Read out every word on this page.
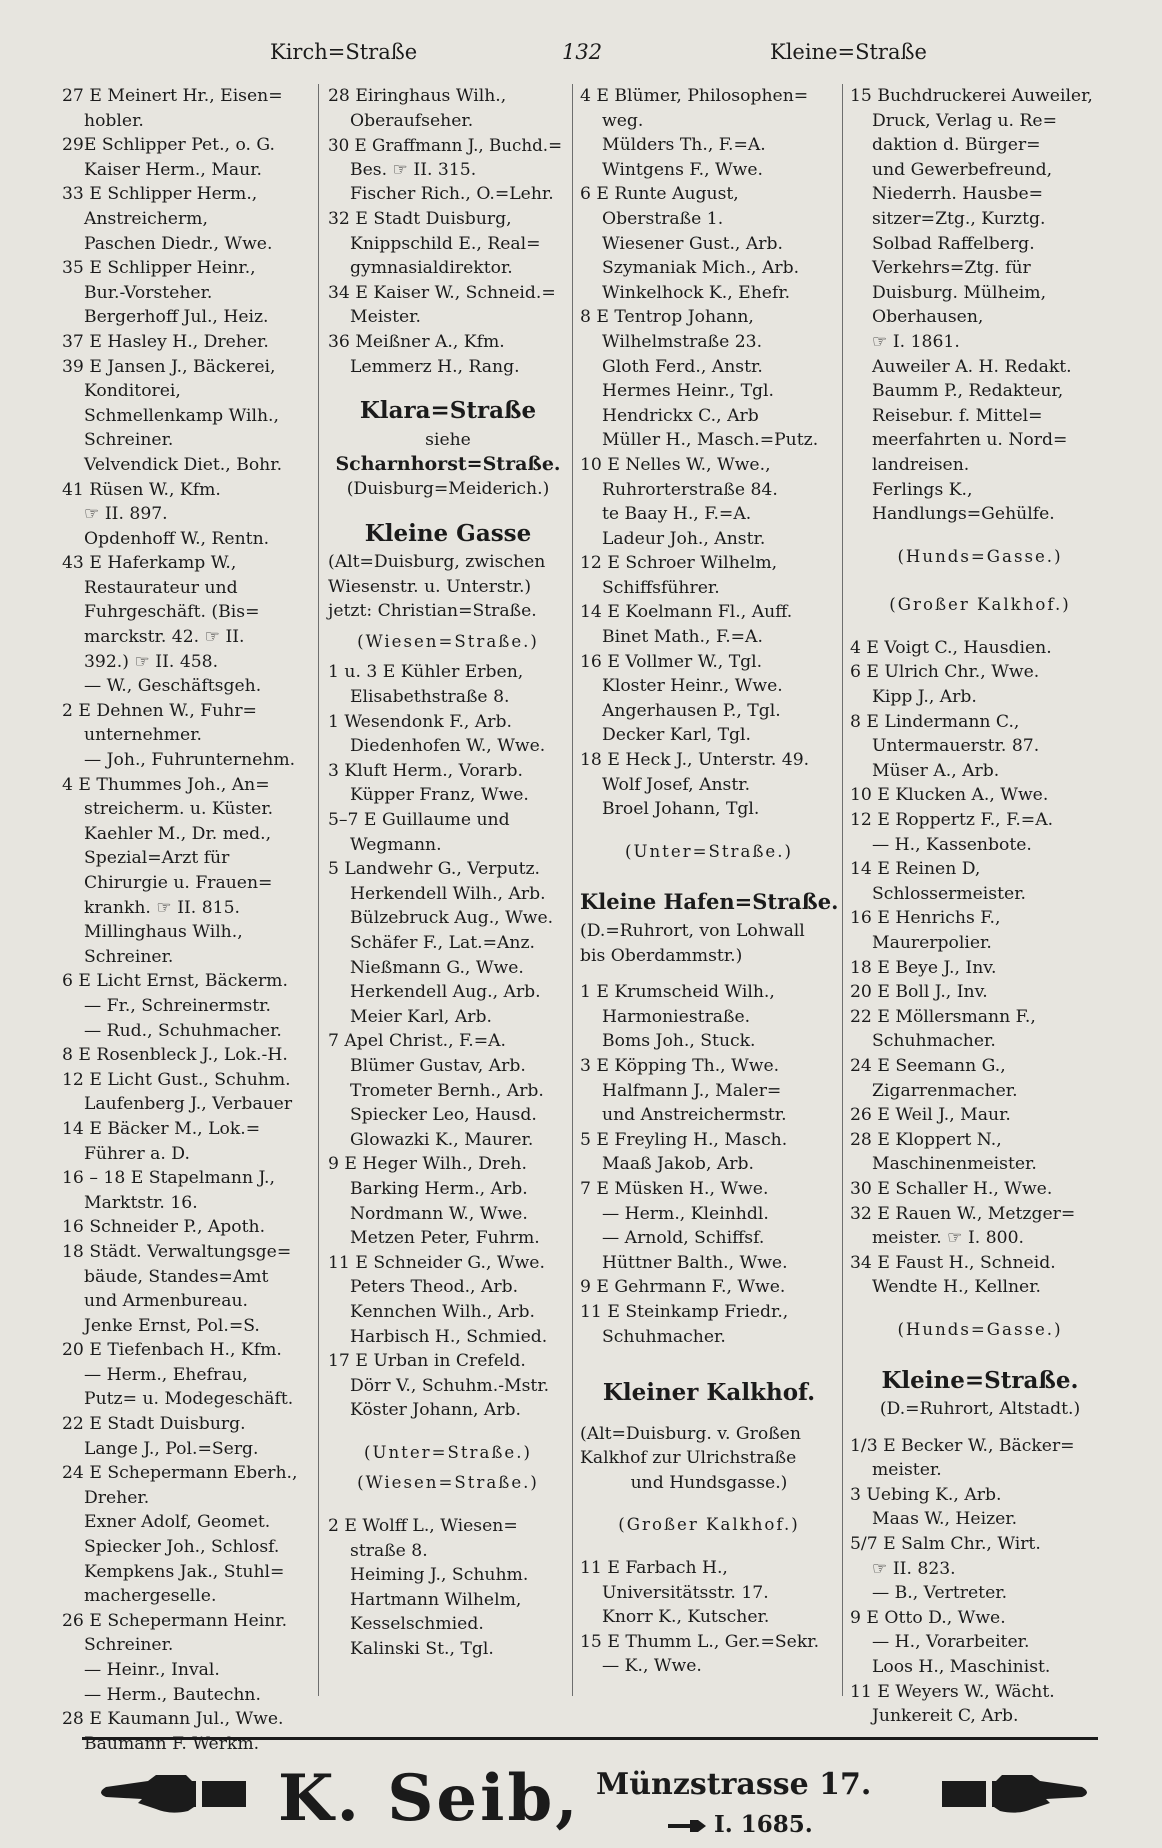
Kirch=Straße	132	Kleine=Straße
27 E Meinert Hr., Eisen=
hobler.
29E Schlipper Pet., o. G.
Kaiser Herm., Maur.
33 E Schlipper Herm.,
Anstreicherm,
Paschen Diedr., Wwe.
35 E Schlipper Heinr.,
Bur.-Vorsteher.
Bergerhoff Jul., Heiz.
37 E Hasley H., Dreher.
39 E Jansen J., Bäckerei,
Konditorei,
Schmellenkamp Wilh.,
Schreiner.
Velvendick Diet., Bohr.
41 Rüsen W., Kfm.
☞ II. 897.
Opdenhoff W., Rentn.
43 E Haferkamp W.,
Restaurateur und
Fuhrgeschäft. (Bis=
marckstr. 42. ☞ II.
392.) ☞ II. 458.
— W., Geschäftsgeh.
2 E Dehnen W., Fuhr=
unternehmer.
— Joh., Fuhrunternehm.
4 E Thummes Joh., An=
streicherm. u. Küster.
Kaehler M., Dr. med.,
Spezial=Arzt für
Chirurgie u. Frauen=
krankh. ☞ II. 815.
Millinghaus Wilh.,
Schreiner.
6 E Licht Ernst, Bäckerm.
— Fr., Schreinermstr.
— Rud., Schuhmacher.
8 E Rosenbleck J., Lok.-H.
12 E Licht Gust., Schuhm.
Laufenberg J., Verbauer
14 E Bäcker M., Lok.=
Führer a. D.
16 – 18 E Stapelmann J.,
Marktstr. 16.
16 Schneider P., Apoth.
18 Städt. Verwaltungsge=
bäude, Standes=Amt
und Armenbureau.
Jenke Ernst, Pol.=S.
20 E Tiefenbach H., Kfm.
— Herm., Ehefrau,
Putz= u. Modegeschäft.
22 E Stadt Duisburg.
Lange J., Pol.=Serg.
24 E Schepermann Eberh.,
Dreher.
Exner Adolf, Geomet.
Spiecker Joh., Schlosf.
Kempkens Jak., Stuhl=
machergeselle.
26 E Schepermann Heinr.
Schreiner.
— Heinr., Inval.
— Herm., Bautechn.
28 E Kaumann Jul., Wwe.
Baumann F. Werkm.
28 Eiringhaus Wilh.,
Oberaufseher.
30 E Graffmann J., Buchd.=
Bes. ☞ II. 315.
Fischer Rich., O.=Lehr.
32 E Stadt Duisburg,
Knippschild E., Real=
gymnasialdirektor.
34 E Kaiser W., Schneid.=
Meister.
36 Meißner A., Kfm.
Lemmerz H., Rang.
Klara=Straße
siehe
Scharnhorst=Straße.
(Duisburg=Meiderich.)
Kleine Gasse
(Alt=Duisburg, zwischen
Wiesenstr. u. Unterstr.)
jetzt: Christian=Straße.
(Wiesen=Straße.)
1 u. 3 E Kühler Erben,
Elisabethstraße 8.
1 Wesendonk F., Arb.
Diedenhofen W., Wwe.
3 Kluft Herm., Vorarb.
Küpper Franz, Wwe.
5–7 E Guillaume und
Wegmann.
5 Landwehr G., Verputz.
Herkendell Wilh., Arb.
Bülzebruck Aug., Wwe.
Schäfer F., Lat.=Anz.
Nießmann G., Wwe.
Herkendell Aug., Arb.
Meier Karl, Arb.
7 Apel Christ., F.=A.
Blümer Gustav, Arb.
Trometer Bernh., Arb.
Spiecker Leo, Hausd.
Glowazki K., Maurer.
9 E Heger Wilh., Dreh.
Barking Herm., Arb.
Nordmann W., Wwe.
Metzen Peter, Fuhrm.
11 E Schneider G., Wwe.
Peters Theod., Arb.
Kennchen Wilh., Arb.
Harbisch H., Schmied.
17 E Urban in Crefeld.
Dörr V., Schuhm.-Mstr.
Köster Johann, Arb.
(Unter=Straße.)
(Wiesen=Straße.)
2 E Wolff L., Wiesen=
straße 8.
Heiming J., Schuhm.
Hartmann Wilhelm,
Kesselschmied.
Kalinski St., Tgl.
4 E Blümer, Philosophen=
weg.
Mülders Th., F.=A.
Wintgens F., Wwe.
6 E Runte August,
Oberstraße 1.
Wiesener Gust., Arb.
Szymaniak Mich., Arb.
Winkelhock K., Ehefr.
8 E Tentrop Johann,
Wilhelmstraße 23.
Gloth Ferd., Anstr.
Hermes Heinr., Tgl.
Hendrickx C., Arb
Müller H., Masch.=Putz.
10 E Nelles W., Wwe.,
Ruhrorterstraße 84.
te Baay H., F.=A.
Ladeur Joh., Anstr.
12 E Schroer Wilhelm,
Schiffsführer.
14 E Koelmann Fl., Auff.
Binet Math., F.=A.
16 E Vollmer W., Tgl.
Kloster Heinr., Wwe.
Angerhausen P., Tgl.
Decker Karl, Tgl.
18 E Heck J., Unterstr. 49.
Wolf Josef, Anstr.
Broel Johann, Tgl.
(Unter=Straße.)
Kleine Hafen=Straße.
(D.=Ruhrort, von Lohwall
bis Oberdammstr.)
1 E Krumscheid Wilh.,
Harmoniestraße.
Boms Joh., Stuck.
3 E Köpping Th., Wwe.
Halfmann J., Maler=
und Anstreichermstr.
5 E Freyling H., Masch.
Maaß Jakob, Arb.
7 E Müsken H., Wwe.
— Herm., Kleinhdl.
— Arnold, Schiffsf.
Hüttner Balth., Wwe.
9 E Gehrmann F., Wwe.
11 E Steinkamp Friedr.,
Schuhmacher.
Kleiner Kalkhof.
(Alt=Duisburg. v. Großen
Kalkhof zur Ulrichstraße
und Hundsgasse.)
(Großer Kalkhof.)
11 E Farbach H.,
Universitätsstr. 17.
Knorr K., Kutscher.
15 E Thumm L., Ger.=Sekr.
— K., Wwe.
15 Buchdruckerei Auweiler,
Druck, Verlag u. Re=
daktion d. Bürger=
und Gewerbefreund,
Niederrh. Hausbe=
sitzer=Ztg., Kurztg.
Solbad Raffelberg.
Verkehrs=Ztg. für
Duisburg. Mülheim,
Oberhausen,
☞ I. 1861.
Auweiler A. H. Redakt.
Baumm P., Redakteur,
Reisebur. f. Mittel=
meerfahrten u. Nord=
landreisen.
Ferlings K.,
Handlungs=Gehülfe.
(Hunds=Gasse.)
(Großer Kalkhof.)
4 E Voigt C., Hausdien.
6 E Ulrich Chr., Wwe.
Kipp J., Arb.
8 E Lindermann C.,
Untermauerstr. 87.
Müser A., Arb.
10 E Klucken A., Wwe.
12 E Roppertz F., F.=A.
— H., Kassenbote.
14 E Reinen D,
Schlossermeister.
16 E Henrichs F.,
Maurerpolier.
18 E Beye J., Inv.
20 E Boll J., Inv.
22 E Möllersmann F.,
Schuhmacher.
24 E Seemann G.,
Zigarrenmacher.
26 E Weil J., Maur.
28 E Kloppert N.,
Maschinenmeister.
30 E Schaller H., Wwe.
32 E Rauen W., Metzger=
meister. ☞ I. 800.
34 E Faust H., Schneid.
Wendte H., Kellner.
(Hunds=Gasse.)
Kleine=Straße.
(D.=Ruhrort, Altstadt.)
1/3 E Becker W., Bäcker=
meister.
3 Uebing K., Arb.
Maas W., Heizer.
5/7 E Salm Chr., Wirt.
☞ II. 823.
— B., Vertreter.
9 E Otto D., Wwe.
— H., Vorarbeiter.
Loos H., Maschinist.
11 E Weyers W., Wächt.
Junkereit C, Arb.
K. Seib, Münzstrasse 17.
I. 1685.
